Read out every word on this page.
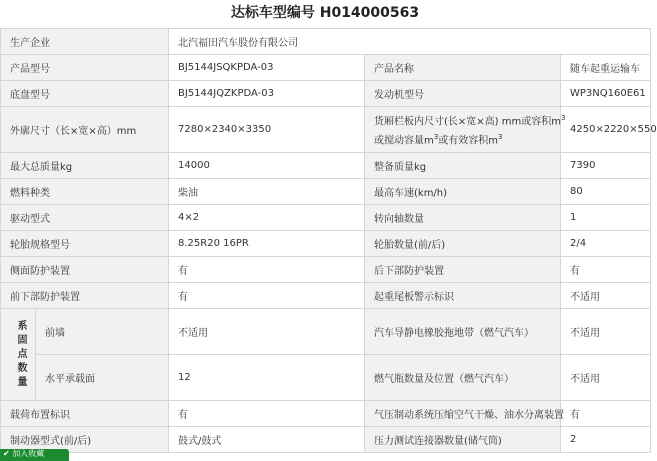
达标车型编号 H014000563
生产企业		北汽福田汽车股份有限公司		
产品型号		BJ5144JSQKPDA-03	产品名称	随车起重运输车
底盘型号		BJ5144JQZKPDA-03	发动机型号	WP3NQ160E61
外廓尺寸（长×宽×高）mm		7280×2340×3350	货厢栏板内尺寸(长×宽×高) mm或容积$m^3$
或搅动容量$m^3$或有效容积$m^3$	4250×2220×550
最大总质量kg		14000	整备质量kg	7390
燃料种类		柴油	最高车速(km/h)	80
驱动型式		4×2	转向轴数量	1
轮胎规格型号		8.25R20 16PR	轮胎数量(前/后)	2/4
侧面防护装置		有	后下部防护装置	有
前下部防护装置		有	起重尾板警示标识	不适用
系
固
点
数
量	前墙	不适用	汽车导静电橡胶拖地带（燃气汽车）	不适用
	水平承载面	12	燃气瓶数量及位置（燃气汽车）	不适用
载荷布置标识		有	气压制动系统压缩空气干燥、油水分离装置	有
制动器型式(前/后)		鼓式/鼓式	压力测试连接器数量(储气筒)	2
✔ 加入收藏
